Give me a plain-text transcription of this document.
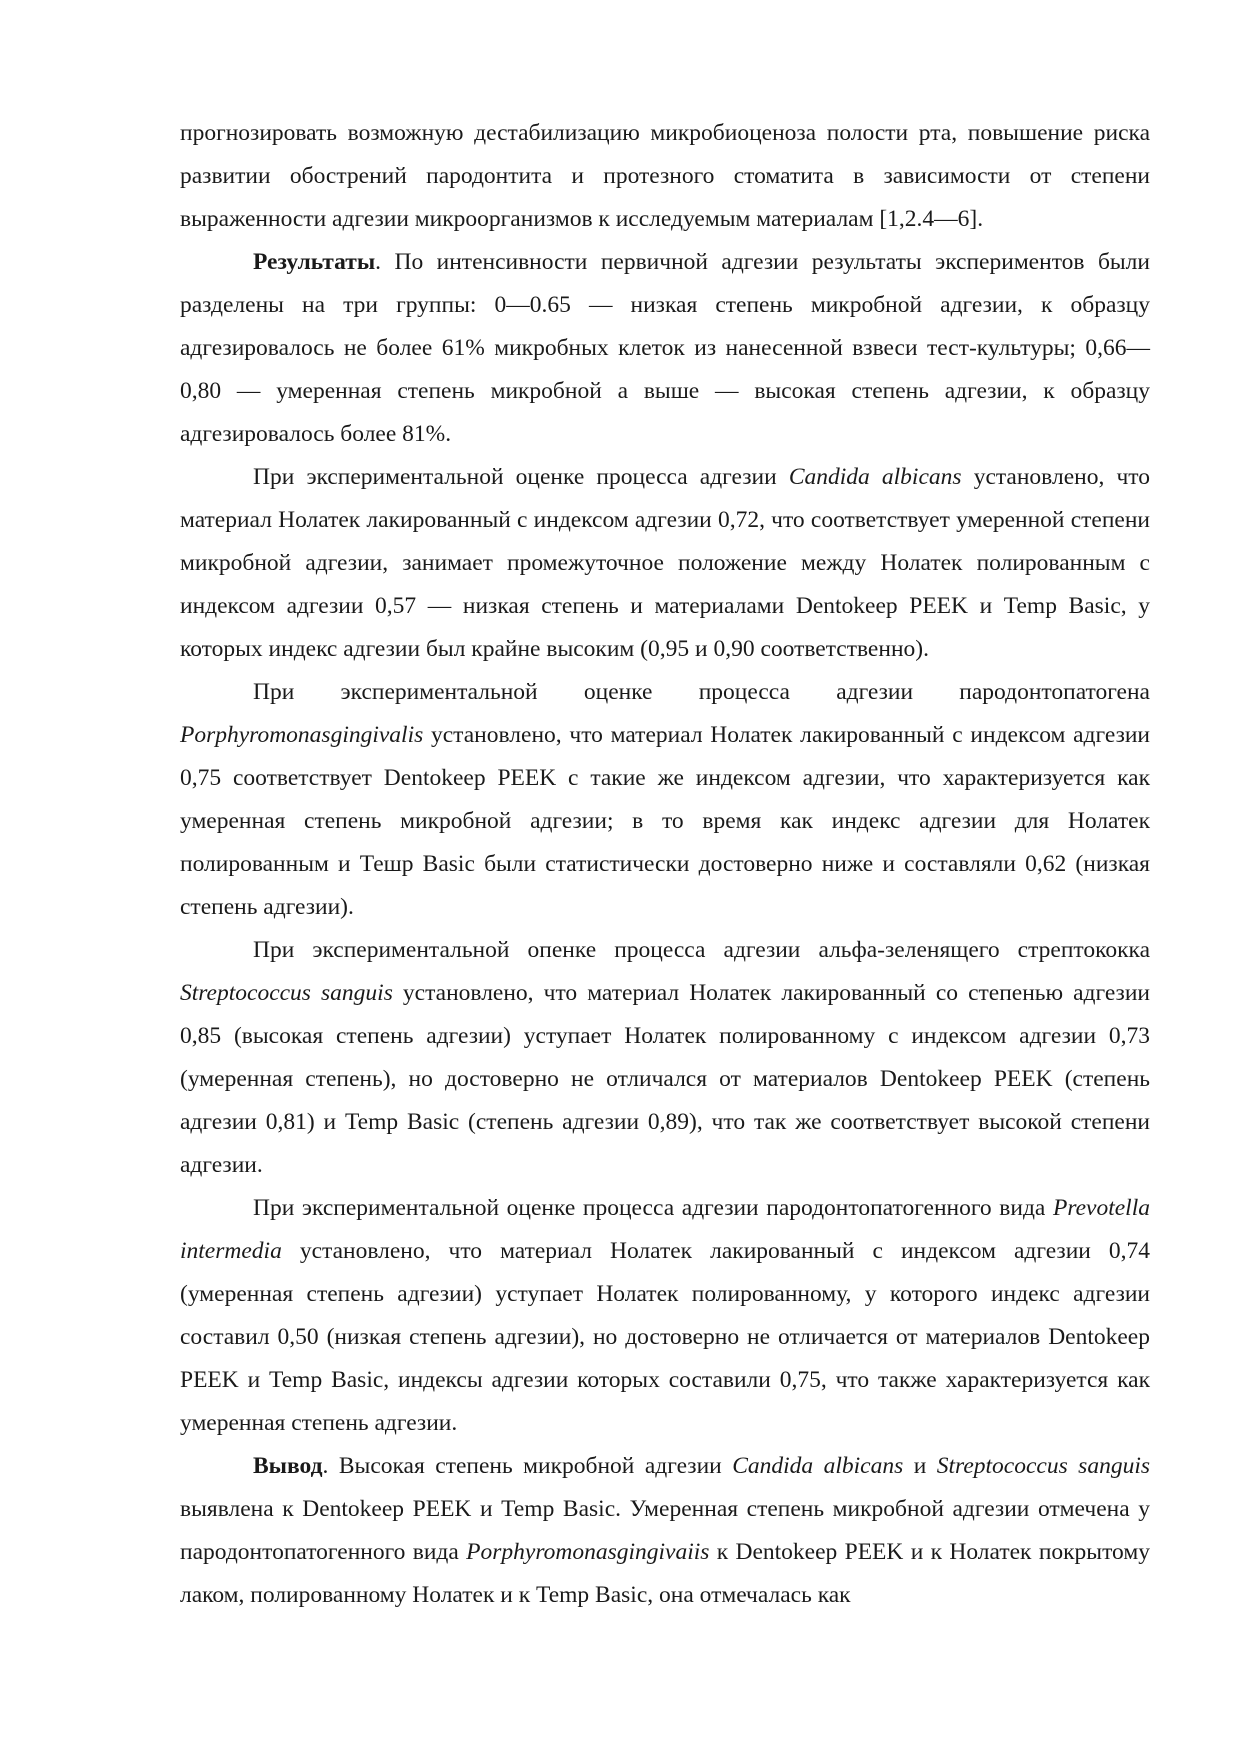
прогнозировать возможную дестабилизацию микробиоценоза полости рта, повышение риска развитии обострений пародонтита и протезного стоматита в зависимости от степени выраженности адгезии микроорганизмов к исследуемым материалам [1,2.4—6].

Результаты. По интенсивности первичной адгезии результаты экспериментов были разделены на три группы: 0—0.65 — низкая степень микробной адгезии, к образцу адгезировалось не более 61% микробных клеток из нанесенной взвеси тест-культуры; 0,66—0,80 — умеренная степень микробной а выше — высокая степень адгезии, к образцу адгезировалось более 81%.

При экспериментальной оценке процесса адгезии Candida albicans установлено, что материал Нолатек лакированный с индексом адгезии 0,72, что соответствует умеренной степени микробной адгезии, занимает промежуточное положение между Нолатек полированным с индексом адгезии 0,57 — низкая степень и материалами Dentokeep PEEK и Temp Basic, у которых индекс адгезии был крайне высоким (0,95 и 0,90 соответственно).

При экспериментальной оценке процесса адгезии пародонтопатогена Porphyromonasgingivalis установлено, что материал Нолатек лакированный с индексом адгезии 0,75 соответствует Dentokeep PEEK с такие же индексом адгезии, что характеризуется как умеренная степень микробной адгезии; в то время как индекс адгезии для Нолатек полированным и Тешр Basic были статистически достоверно ниже и составляли 0,62 (низкая степень адгезии).

При экспериментальной опенке процесса адгезии альфа-зеленящего стрептококка Streptococcus sanguis установлено, что материал Нолатек лакированный со степенью адгезии 0,85 (высокая степень адгезии) уступает Нолатек полированному с индексом адгезии 0,73 (умеренная степень), но достоверно не отличался от материалов Dentokeep PEEK (степень адгезии 0,81) и Temp Basic (степень адгезии 0,89), что так же соответствует высокой степени адгезии.

При экспериментальной оценке процесса адгезии пародонтопатогенного вида Prevotella intermedia установлено, что материал Нолатек лакированный с индексом адгезии 0,74 (умеренная степень адгезии) уступает Нолатек полированному, у которого индекс адгезии составил 0,50 (низкая степень адгезии), но достоверно не отличается от материалов Dentokeep PEEK и Temp Basic, индексы адгезии которых составили 0,75, что также характеризуется как умеренная степень адгезии.

Вывод. Высокая степень микробной адгезии Candida albicans и Streptococcus sanguis выявлена к Dentokeep PEEK и Temp Basic. Умеренная степень микробной адгезии отмечена у пародонтопатогенного вида Porphyromonasgingivaiis к Dentokeep PEEK и к Нолатек покрытому лаком, полированному Нолатек и к Temp Basic, она отмечалась как
